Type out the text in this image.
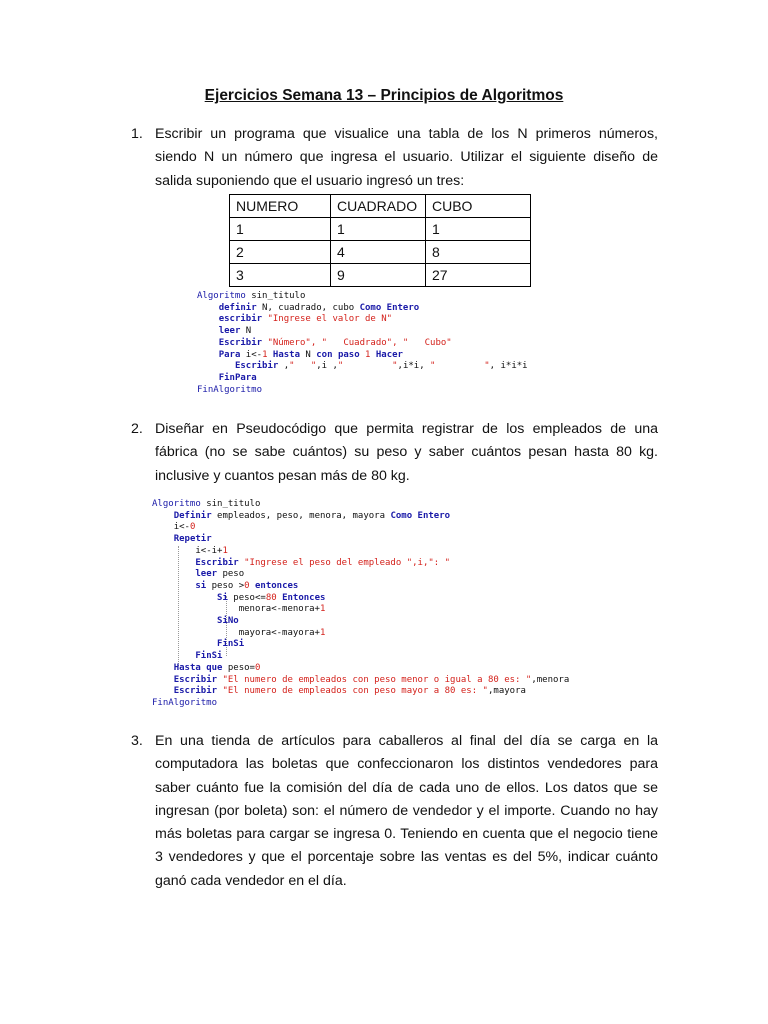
Ejercicios Semana 13 – Principios de Algoritmos
1. Escribir un programa que visualice una tabla de los N primeros números, siendo N un número que ingresa el usuario. Utilizar el siguiente diseño de salida suponiendo que el usuario ingresó un tres:
NUMERO	CUADRADO	CUBO
1	1	1
2	4	8
3	9	27
Algoritmo sin_titulo
definir N, cuadrado, cubo Como Entero
escribir "Ingrese el valor de N"
leer N
Escribir "Número", "   Cuadrado", "   Cubo"
Para i<-1 Hasta N con paso 1 Hacer
Escribir ,"   ",i ,"         ",i*i, "         ", i*i*i
FinPara
FinAlgoritmo
2. Diseñar en Pseudocódigo que permita registrar de los empleados de una fábrica (no se sabe cuántos) su peso y saber cuántos pesan hasta 80 kg. inclusive y cuantos pesan más de 80 kg.
Algoritmo sin_titulo
Definir empleados, peso, menora, mayora Como Entero
i<-0
Repetir
i<-i+1
Escribir "Ingrese el peso del empleado ",i,": "
leer peso
si peso >0 entonces
Si peso<=80 Entonces
menora<-menora+1
SiNo
mayora<-mayora+1
FinSi
FinSi
Hasta que peso=0
Escribir "El numero de empleados con peso menor o igual a 80 es: ",menora
Escribir "El numero de empleados con peso mayor a 80 es: ",mayora
FinAlgoritmo
3. En una tienda de artículos para caballeros al final del día se carga en la computadora las boletas que confeccionaron los distintos vendedores para saber cuánto fue la comisión del día de cada uno de ellos. Los datos que se ingresan (por boleta) son: el número de vendedor y el importe. Cuando no hay más boletas para cargar se ingresa 0. Teniendo en cuenta que el negocio tiene 3 vendedores y que el porcentaje sobre las ventas es del 5%, indicar cuánto ganó cada vendedor en el día.
